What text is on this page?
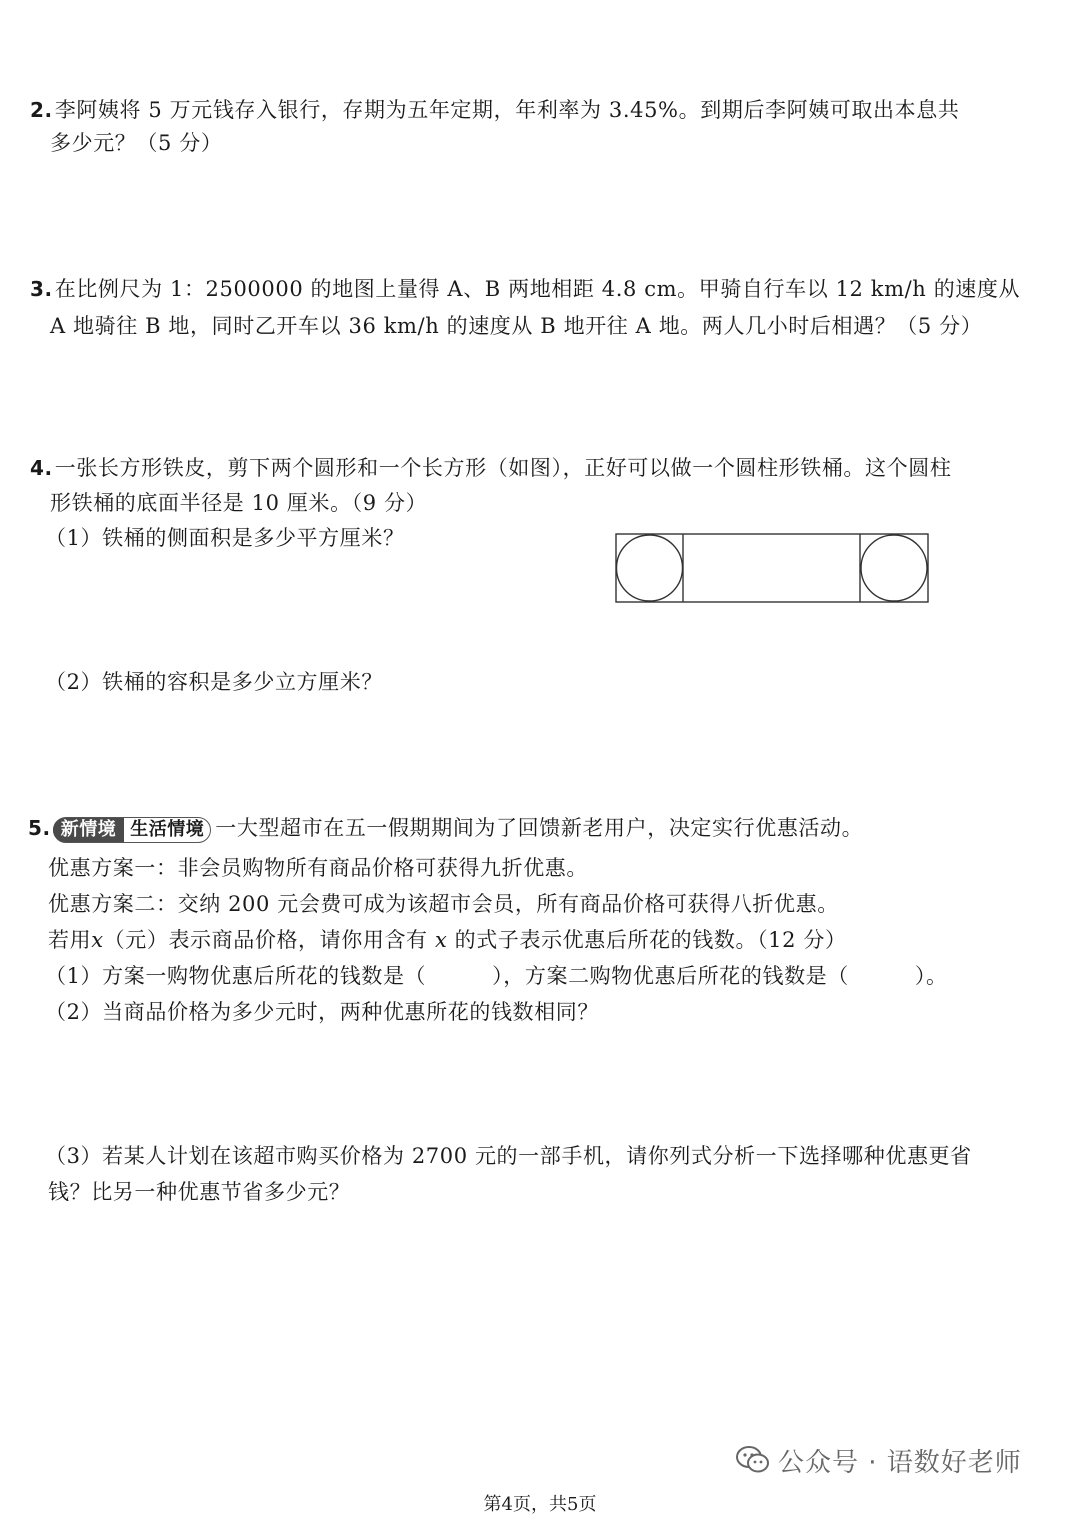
2.李阿姨将 5 万元钱存入银行，存期为五年定期，年利率为 3.45%。到期后李阿姨可取出本息共
多少元？（5 分）
3.在比例尺为 1：2500000 的地图上量得 A、B 两地相距 4.8 cm。甲骑自行车以 12 km/h 的速度从
A 地骑往 B 地，同时乙开车以 36 km/h 的速度从 B 地开往 A 地。两人几小时后相遇？（5 分）
4.一张长方形铁皮，剪下两个圆形和一个长方形（如图），正好可以做一个圆柱形铁桶。这个圆柱
形铁桶的底面半径是 10 厘米。（9 分）
（1）铁桶的侧面积是多少平方厘米？
（2）铁桶的容积是多少立方厘米？
5. 新情境 生活情境 一大型超市在五一假期期间为了回馈新老用户，决定实行优惠活动。
优惠方案一：非会员购物所有商品价格可获得九折优惠。
优惠方案二：交纳 200 元会费可成为该超市会员，所有商品价格可获得八折优惠。
若用x（元）表示商品价格，请你用含有 x 的式子表示优惠后所花的钱数。（12 分）
（1）方案一购物优惠后所花的钱数是（	），方案二购物优惠后所花的钱数是（	）。
（2）当商品价格为多少元时，两种优惠所花的钱数相同？
（3）若某人计划在该超市购买价格为 2700 元的一部手机，请你列式分析一下选择哪种优惠更省
钱？比另一种优惠节省多少元？
公众号 · 语数好老师
第4页，共5页
